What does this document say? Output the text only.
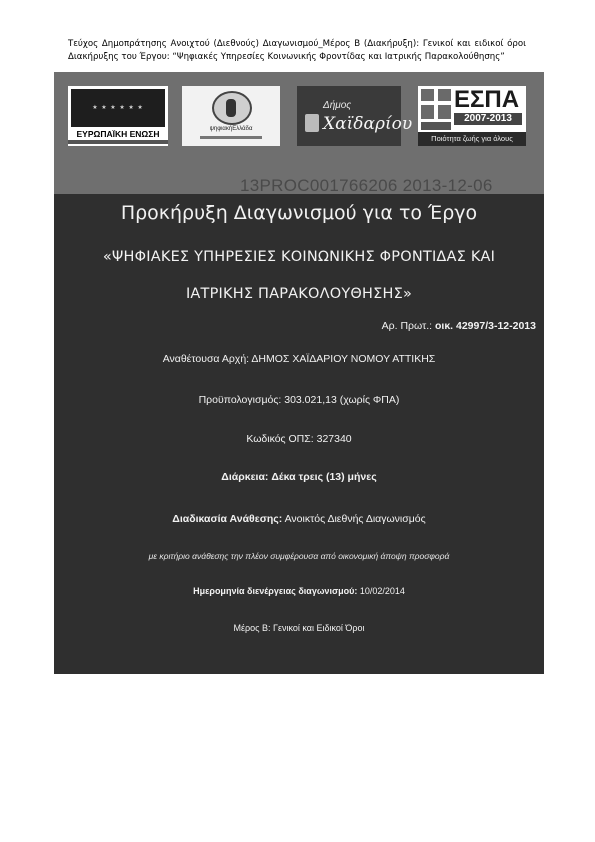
Τεύχος Δημοπράτησης Ανοιχτού (Διεθνούς) Διαγωνισμού_Μέρος Β (Διακήρυξη): Γενικοί και ειδικοί όροι Διακήρυξης του Έργου: “Ψηφιακές Υπηρεσίες Κοινωνικής Φροντίδας και Ιατρικής Παρακολούθησης”
★ ★ ★ ★ ★ ★
ΕΥΡΩΠΑΪΚΗ ΕΝΩΣΗ	ψηφιακήΕλλάδα
Δήμος
Χαϊδαρίου
ΕΣΠΑ
2007-2013
Ποιότητα ζωής για όλους
13PROC001766206 2013-12-06
Προκήρυξη Διαγωνισμού για το Έργο
«ΨΗΦΙΑΚΕΣ ΥΠΗΡΕΣΙΕΣ ΚΟΙΝΩΝΙΚΗΣ ΦΡΟΝΤΙΔΑΣ ΚΑΙ
ΙΑΤΡΙΚΗΣ ΠΑΡΑΚΟΛΟΥΘΗΣΗΣ»
Αρ. Πρωτ.: οικ. 42997/3-12-2013
Αναθέτουσα Αρχή: ΔΗΜΟΣ ΧΑΪΔΑΡΙΟΥ ΝΟΜΟΥ ΑΤΤΙΚΗΣ
Προϋπολογισμός: 303.021,13 (χωρίς ΦΠΑ)
Κωδικός ΟΠΣ: 327340
Διάρκεια: Δέκα τρεις (13) μήνες
Διαδικασία Ανάθεσης: Ανοικτός Διεθνής Διαγωνισμός
με κριτήριο ανάθεσης την πλέον συμφέρουσα από οικονομική άποψη προσφορά
Ημερομηνία διενέργειας διαγωνισμού: 10/02/2014
Μέρος Β: Γενικοί και Ειδικοί Όροι
